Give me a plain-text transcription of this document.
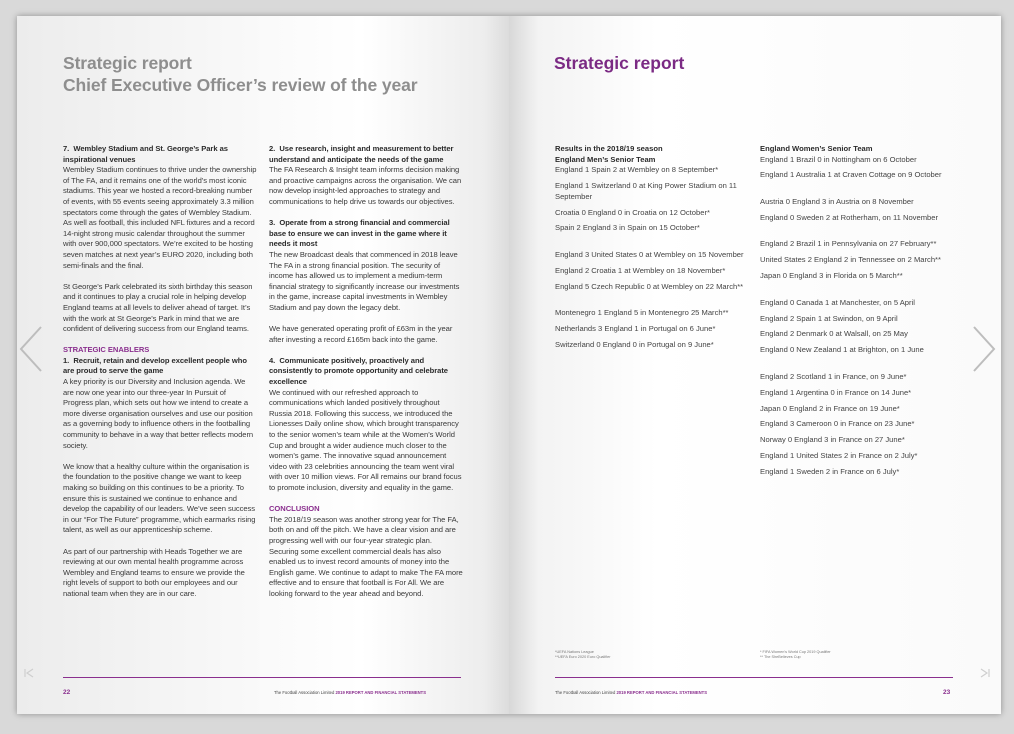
Strategic report
Chief Executive Officer’s review of the year

7.  Wembley Stadium and St. George’s Park as inspirational venues

Wembley Stadium continues to thrive under the ownership of The FA, and it remains one of the world’s most iconic stadiums. This year we hosted a record-breaking number of events, with 55 events seeing approximately 3.3 million spectators come through the gates of Wembley Stadium. As well as football, this included NFL fixtures and a record 14-night strong music calendar throughout the summer with over 900,000 spectators. We’re excited to be hosting seven matches at next year’s EURO 2020, including both semi-finals and the final.

St George’s Park celebrated its sixth birthday this season and it continues to play a crucial role in helping develop England teams at all levels to deliver ahead of target. It’s with the work at St George’s Park in mind that we are confident of delivering success from our England teams.

STRATEGIC ENABLERS

1.  Recruit, retain and develop excellent people who are proud to serve the game

A key priority is our Diversity and Inclusion agenda. We are now one year into our three-year In Pursuit of Progress plan, which sets out how we intend to create a more diverse organisation ourselves and use our position as a governing body to influence others in the footballing community to behave in a way that better reflects modern society.

We know that a healthy culture within the organisation is the foundation to the positive change we want to keep making so building on this continues to be a priority. To ensure this is sustained we continue to enhance and develop the capability of our leaders. We’ve seen success in our “For The Future” programme, which earmarks rising talent, as well as our apprenticeship scheme.

As part of our partnership with Heads Together we are reviewing at our own mental health programme across Wembley and England teams to ensure we provide the right levels of support to both our employees and our national team when they are in our care.

2.  Use research, insight and measurement to better understand and anticipate the needs of the game

The FA Research & Insight team informs decision making and proactive campaigns across the organisation. We can now develop insight-led approaches to strategy and communications to help drive us towards our objectives.

3.  Operate from a strong financial and commercial base to ensure we can invest in the game where it needs it most

The new Broadcast deals that commenced in 2018 leave The FA in a strong financial position. The security of income has allowed us to implement a medium-term financial strategy to significantly increase our investments in the game, increase capital investments in Wembley Stadium and pay down the legacy debt.

We have generated operating profit of £63m in the year after investing a record £165m back into the game.

4.  Communicate positively, proactively and consistently to promote opportunity and celebrate excellence

We continued with our refreshed approach to communications which landed positively throughout Russia 2018. Following this success, we introduced the Lionesses Daily online show, which brought transparency to the senior women’s team while at the Women’s World Cup and brought a wider audience much closer to the women’s game. The innovative squad announcement video with 23 celebrities announcing the team went viral with over 10 million views. For All remains our brand focus to promote inclusion, diversity and equality in the game.

CONCLUSION

The 2018/19 season was another strong year for The FA, both on and off the pitch. We have a clear vision and are progressing well with our four-year strategic plan. Securing some excellent commercial deals has also enabled us to invest record amounts of money into the English game. We continue to adapt to make The FA more effective and to ensure that football is For All. We are looking forward to the year ahead and beyond.

22	The Football Association Limited 2019 REPORT AND FINANCIAL STATEMENTS
Strategic report
Results in the 2018/19 season
England Men’s Senior Team
England 1 Spain 2 at Wembley on 8 September*
England 1 Switzerland 0 at King Power Stadium on 11 September
Croatia 0 England 0 in Croatia on 12 October*
Spain 2 England 3 in Spain on 15 October*
England 3 United States 0 at Wembley on 15 November
England 2 Croatia 1 at Wembley on 18 November*
England 5 Czech Republic 0 at Wembley on 22 March**
Montenegro 1 England 5 in Montenegro 25 March**
Netherlands 3 England 1 in Portugal on 6 June*
Switzerland 0 England 0 in Portugal on 9 June*
England Women’s Senior Team
England 1 Brazil 0 in Nottingham on 6 October
England 1 Australia 1 at Craven Cottage on 9 October
Austria 0 England 3 in Austria on 8 November
England 0 Sweden 2 at Rotherham, on 11 November
England 2 Brazil 1 in Pennsylvania on 27 February**
United States 2 England 2 in Tennessee on 2 March**
Japan 0 England 3 in Florida on 5 March**
England 0 Canada 1 at Manchester, on 5 April
England 2 Spain 1 at Swindon, on 9 April
England 2 Denmark 0 at Walsall, on 25 May
England 0 New Zealand 1 at Brighton, on 1 June
England 2 Scotland 1 in France, on 9 June*
England 1 Argentina 0 in France on 14 June*
Japan 0 England 2 in France on 19 June*
England 3 Cameroon 0 in France on 23 June*
Norway 0 England 3 in France on 27 June*
England 1 United States 2 in France on 2 July*
England 1 Sweden 2 in France on 6 July*
*UEFA Nations League
**UEFA Euro 2020 Euro Qualifier
* FIFA Women’s World Cup 2019 Qualifier
** The SheBelieves Cup
The Football Association Limited 2019 REPORT AND FINANCIAL STATEMENTS	23
